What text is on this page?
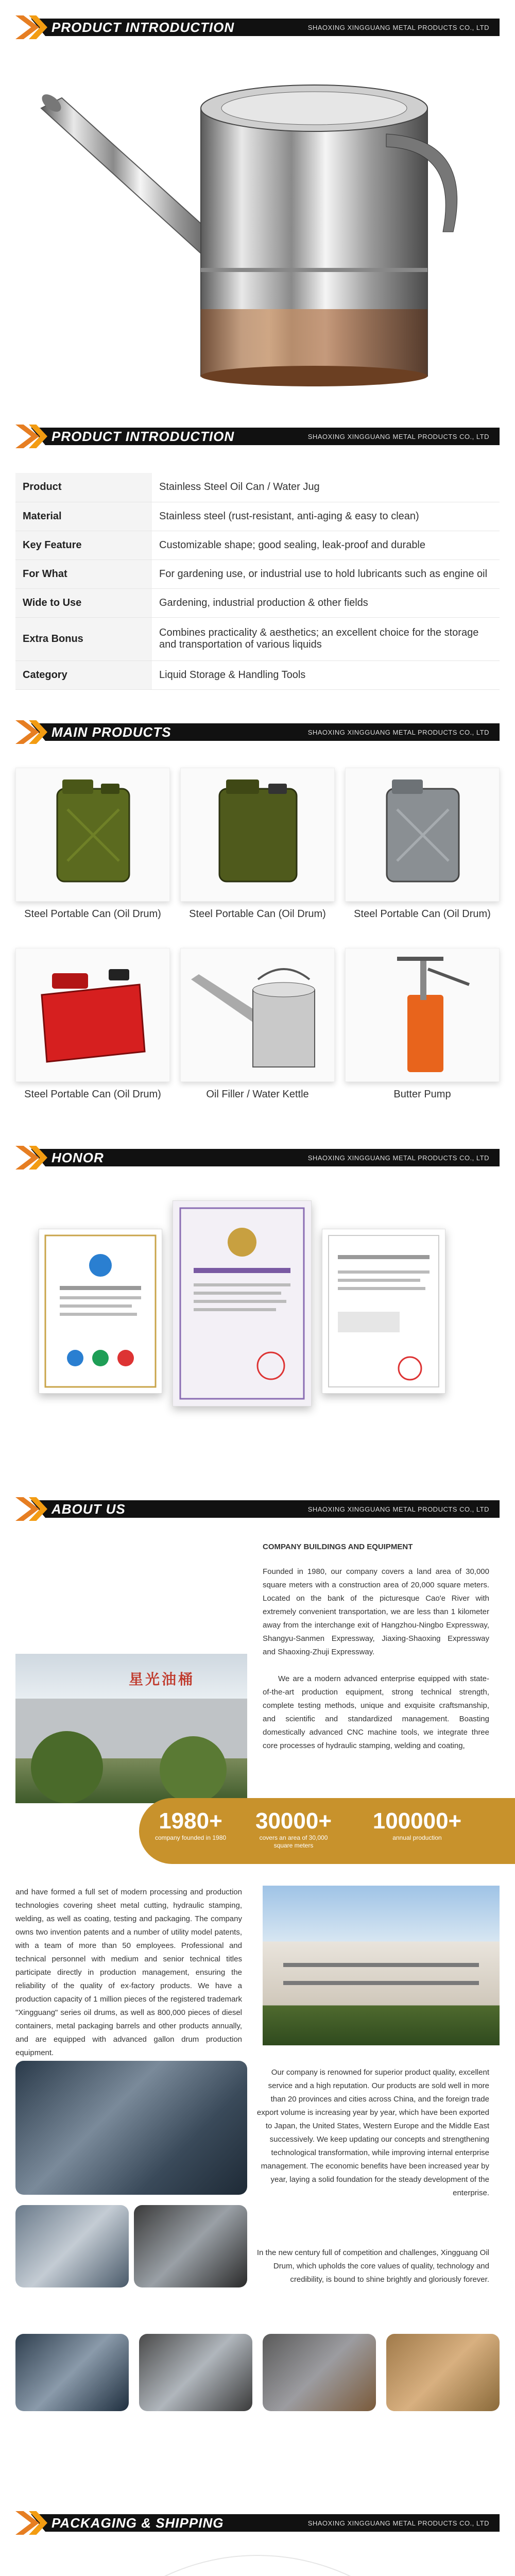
PRODUCT INTRODUCTION	SHAOXING XINGGUANG METAL PRODUCTS CO., LTD
PRODUCT INTRODUCTION	SHAOXING XINGGUANG METAL PRODUCTS CO., LTD
Product	Stainless Steel Oil Can / Water Jug
Material	Stainless steel (rust-resistant, anti-aging & easy to clean)
Key Feature	Customizable shape; good sealing, leak-proof and durable
For What	For gardening use, or industrial use to hold lubricants such as engine oil
Wide to Use	Gardening, industrial production & other fields
Extra Bonus	Combines practicality & aesthetics; an excellent choice for the storage and transportation of various liquids
Category	Liquid Storage & Handling Tools
MAIN PRODUCTS	SHAOXING XINGGUANG METAL PRODUCTS CO., LTD
Steel Portable Can (Oil Drum)	Steel Portable Can (Oil Drum)	Steel Portable Can (Oil Drum)
Steel Portable Can (Oil Drum)	Oil Filler / Water Kettle	Butter Pump
HONOR	SHAOXING XINGGUANG METAL PRODUCTS CO., LTD
ABOUT US	SHAOXING XINGGUANG METAL PRODUCTS CO., LTD
COMPANY BUILDINGS AND EQUIPMENT
星光油桶
Founded in 1980, our company covers a land area of 30,000 square meters with a construction area of 20,000 square meters. Located on the bank of the picturesque Cao'e River with extremely convenient transportation, we are less than 1 kilometer away from the interchange exit of Hangzhou-Ningbo Expressway, Shangyu-Sanmen Expressway, Jiaxing-Shaoxing Expressway and Shaoxing-Zhuji Expressway.
We are a modern advanced enterprise equipped with state-of-the-art production equipment, strong technical strength, complete testing methods, unique and exquisite craftsmanship, and scientific and standardized management. Boasting domestically advanced CNC machine tools, we integrate three core processes of hydraulic stamping, welding and coating,
1980+
company founded in 1980
30000+
covers an area of 30,000 square meters
100000+
annual production
and have formed a full set of modern processing and production technologies covering sheet metal cutting, hydraulic stamping, welding, as well as coating, testing and packaging. The company owns two invention patents and a number of utility model patents, with a team of more than 50 employees. Professional and technical personnel with medium and senior technical titles participate directly in production management, ensuring the reliability of the quality of ex-factory products. We have a production capacity of 1 million pieces of the registered trademark "Xingguang" series oil drums, as well as 800,000 pieces of diesel containers, metal packaging barrels and other products annually, and are equipped with advanced gallon drum production equipment.
Our company is renowned for superior product quality, excellent service and a high reputation. Our products are sold well in more than 20 provinces and cities across China, and the foreign trade export volume is increasing year by year, which have been exported to Japan, the United States, Western Europe and the Middle East successively. We keep updating our concepts and strengthening technological transformation, while improving internal enterprise management. The economic benefits have been increased year by year, laying a solid foundation for the steady development of the enterprise.
In the new century full of competition and challenges, Xingguang Oil Drum, which upholds the core values of quality, technology and credibility, is bound to shine brightly and gloriously forever.
PACKAGING & SHIPPING	SHAOXING XINGGUANG METAL PRODUCTS CO., LTD
